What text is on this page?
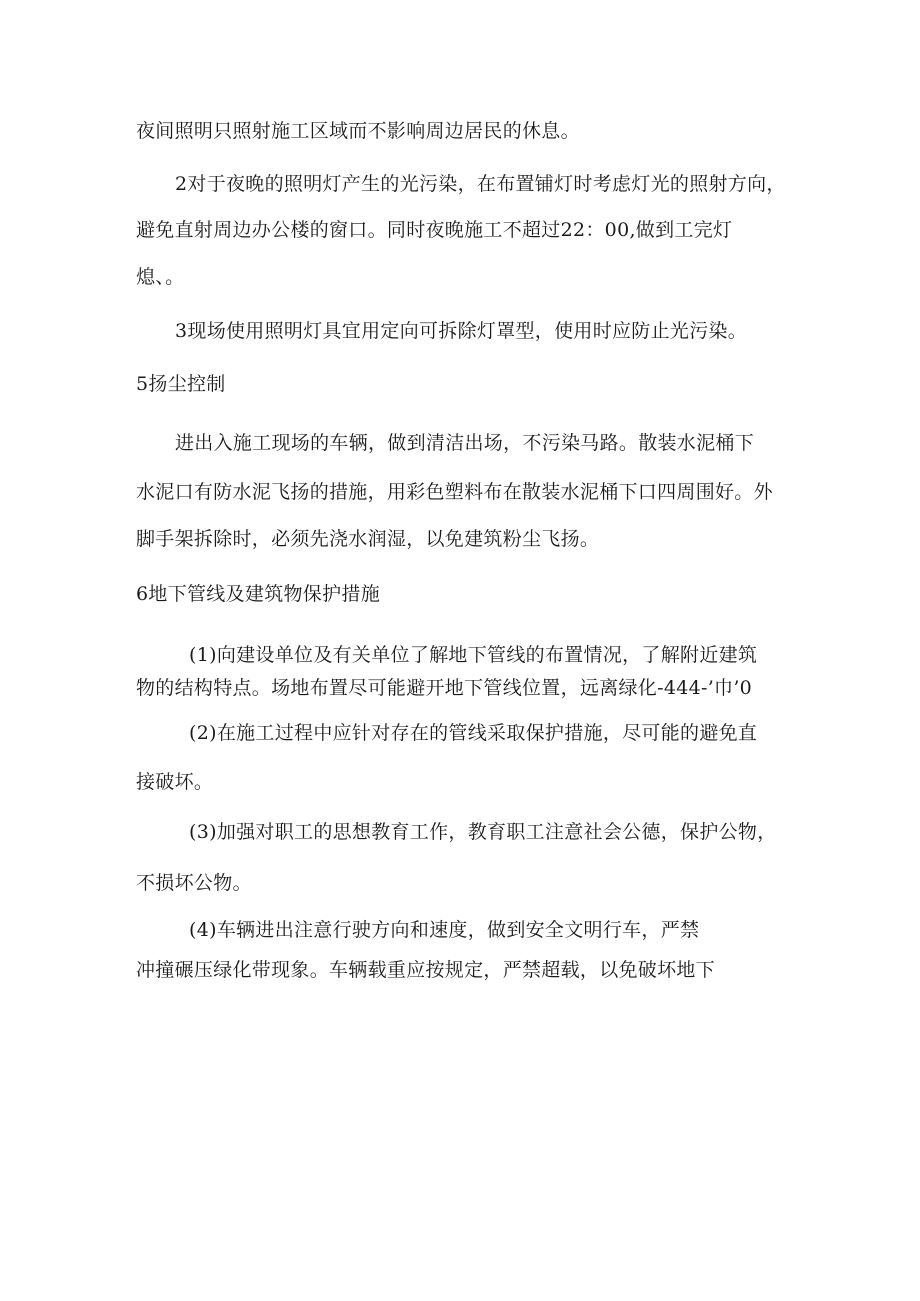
夜间照明只照射施工区域而不影响周边居民的休息。
2对于夜晚的照明灯产生的光污染，在布置铺灯时考虑灯光的照射方向，
避免直射周边办公楼的窗口。同时夜晚施工不超过22：00,做到工完灯
熄、。
3现场使用照明灯具宜用定向可拆除灯罩型，使用时应防止光污染。
5扬尘控制
进出入施工现场的车辆，做到清洁出场，不污染马路。散装水泥桶下
水泥口有防水泥飞扬的措施，用彩色塑料布在散装水泥桶下口四周围好。外
脚手架拆除时，必须先浇水润湿，以免建筑粉尘飞扬。
6地下管线及建筑物保护措施
(1)向建设单位及有关单位了解地下管线的布置情况，了解附近建筑
物的结构特点。场地布置尽可能避开地下管线位置，远离绿化-444-’巾’0
(2)在施工过程中应针对存在的管线采取保护措施，尽可能的避免直
接破坏。
(3)加强对职工的思想教育工作，教育职工注意社会公德，保护公物，
不损坏公物。
(4)车辆进出注意行驶方向和速度，做到安全文明行车，严禁
冲撞碾压绿化带现象。车辆载重应按规定，严禁超载，以免破坏地下
